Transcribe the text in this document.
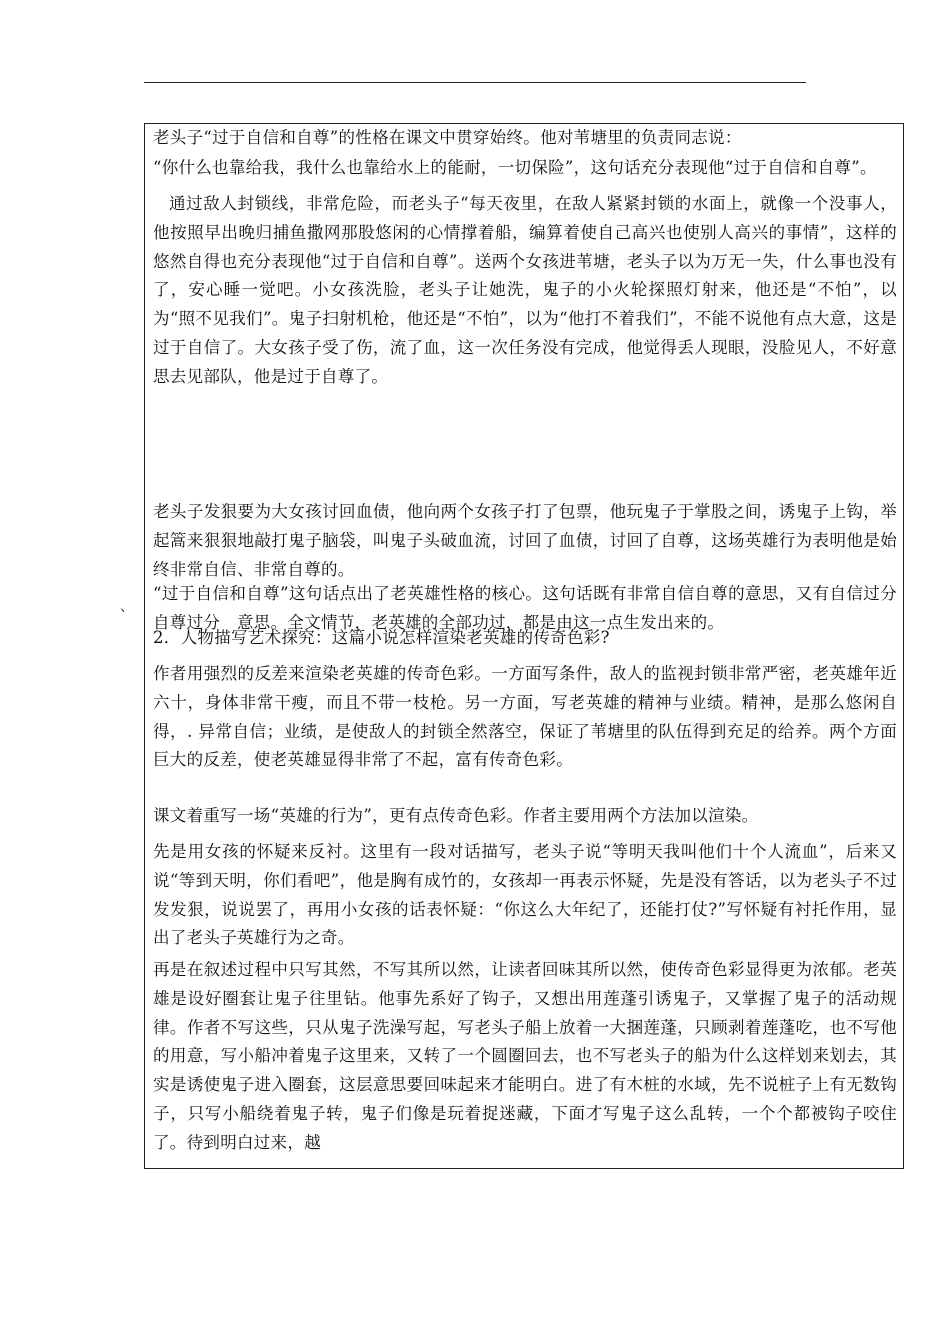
、

老头子“过于自信和自尊”的性格在课文中贯穿始终。他对苇塘里的负责同志说：

“你什么也靠给我，我什么也靠给水上的能耐，一切保险”，这句话充分表现他“过于自信和自尊”。

通过敌人封锁线，非常危险，而老头子“每天夜里，在敌人紧紧封锁的水面上，就像一个没事人，他按照早出晚归捕鱼撒网那股悠闲的心情撑着船，编算着使自己高兴也使别人高兴的事情”，这样的悠然自得也充分表现他“过于自信和自尊”。送两个女孩进苇塘，老头子以为万无一失，什么事也没有了，安心睡一觉吧。小女孩洗脸，老头子让她洗，鬼子的小火轮探照灯射来，他还是“不怕”，以为“照不见我们”。鬼子扫射机枪，他还是“不怕”，以为“他打不着我们”，不能不说他有点大意，这是过于自信了。大女孩子受了伤，流了血，这一次任务没有完成，他觉得丢人现眼，没脸见人，不好意思去见部队，他是过于自尊了。

老头子发狠要为大女孩讨回血债，他向两个女孩子打了包票，他玩鬼子于掌股之间，诱鬼子上钩，举起篙来狠狠地敲打鬼子脑袋，叫鬼子头破血流，讨回了血债，讨回了自尊，这场英雄行为表明他是始终非常自信、非常自尊的。

“过于自信和自尊”这句话点出了老英雄性格的核心。这句话既有非常自信自尊的意思，又有自信过分　自尊过分　意思。全文情节，老英雄的全部功过，都是由这一点生发出来的。

2．人物描写艺术探究：这篇小说怎样渲染老英雄的传奇色彩?

作者用强烈的反差来渲染老英雄的传奇色彩。一方面写条件，敌人的监视封锁非常严密，老英雄年近六十，身体非常干瘦，而且不带一枝枪。另一方面，写老英雄的精神与业绩。精神，是那么悠闲自得，. 异常自信；业绩，是使敌人的封锁全然落空，保证了苇塘里的队伍得到充足的给养。两个方面巨大的反差，使老英雄显得非常了不起，富有传奇色彩。

课文着重写一场“英雄的行为”，更有点传奇色彩。作者主要用两个方法加以渲染。

先是用女孩的怀疑来反衬。这里有一段对话描写，老头子说“等明天我叫他们十个人流血”，后来又说“等到天明，你们看吧”，他是胸有成竹的，女孩却一再表示怀疑，先是没有答话，以为老头子不过发发狠，说说罢了，再用小女孩的话表怀疑：“你这么大年纪了，还能打仗?”写怀疑有衬托作用，显出了老头子英雄行为之奇。

再是在叙述过程中只写其然，不写其所以然，让读者回味其所以然，使传奇色彩显得更为浓郁。老英雄是设好圈套让鬼子往里钻。他事先系好了钩子，又想出用莲蓬引诱鬼子，又掌握了鬼子的活动规律。作者不写这些，只从鬼子洗澡写起，写老头子船上放着一大捆莲蓬，只顾剥着莲蓬吃，也不写他的用意，写小船冲着鬼子这里来，又转了一个圆圈回去，也不写老头子的船为什么这样划来划去，其实是诱使鬼子进入圈套，这层意思要回味起来才能明白。进了有木桩的水域，先不说桩子上有无数钩子，只写小船绕着鬼子转，鬼子们像是玩着捉迷藏，下面才写鬼子这么乱转，一个个都被钩子咬住了。待到明白过来，越
